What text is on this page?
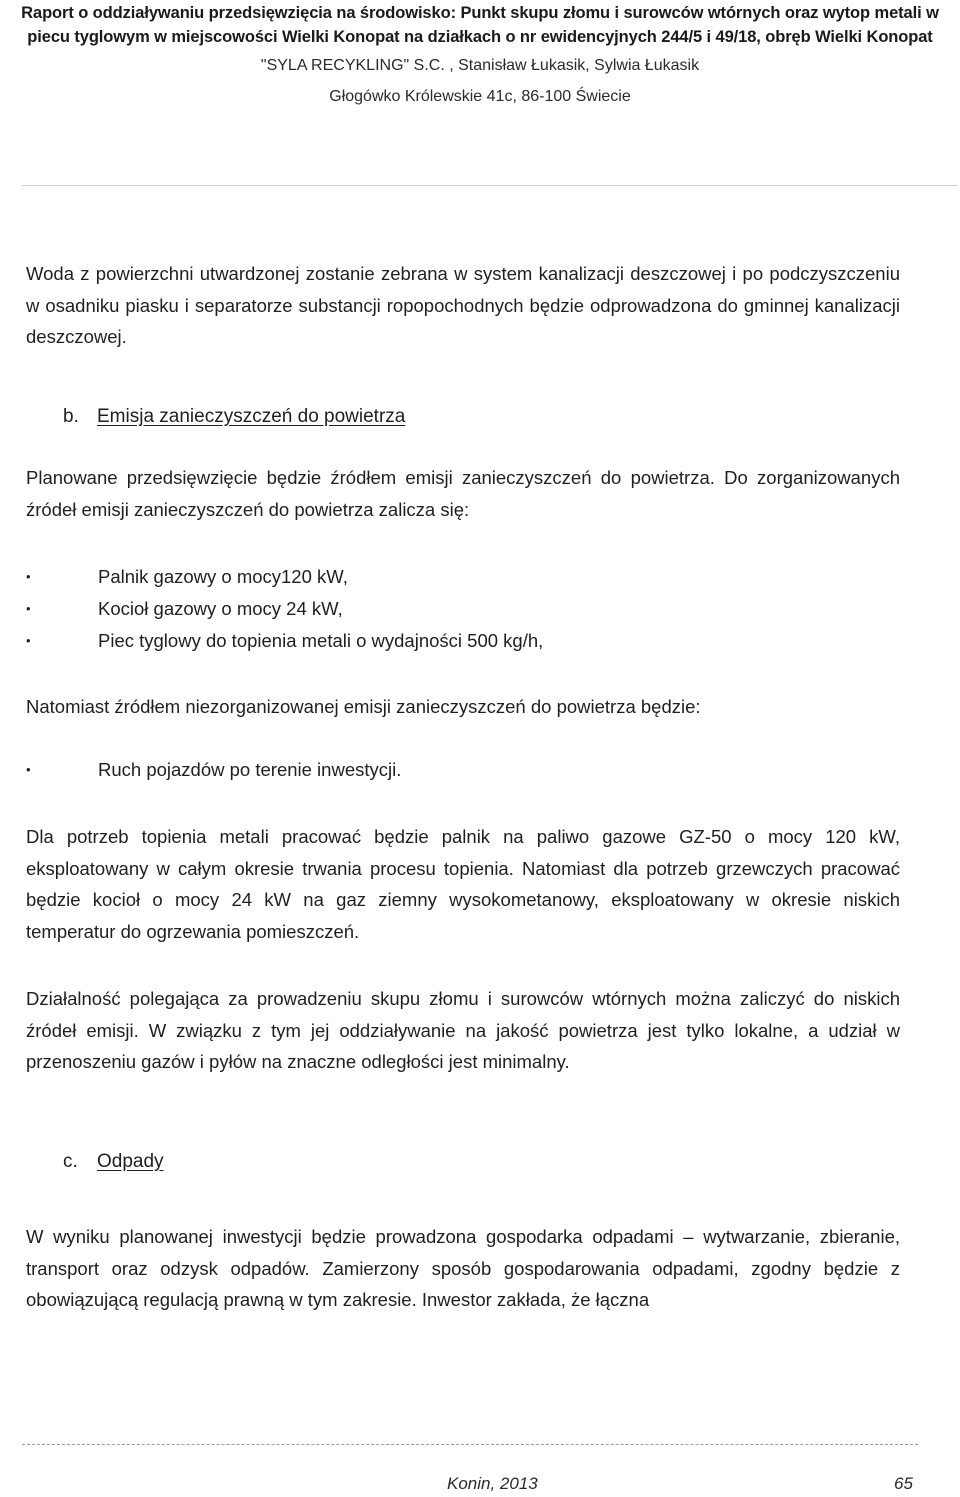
Raport o oddziaływaniu przedsięwzięcia na środowisko: Punkt skupu złomu i surowców wtórnych oraz wytop metali w piecu tyglowym w miejscowości Wielki Konopat na działkach o nr ewidencyjnych 244/5 i 49/18, obręb Wielki Konopat
"SYLA RECYKLING" S.C. , Stanisław Łukasik, Sylwia Łukasik
Głogówko Królewskie 41c, 86-100 Świecie
Woda z powierzchni utwardzonej zostanie zebrana w system kanalizacji deszczowej i po podczyszczeniu w osadniku piasku i separatorze substancji ropopochodnych będzie odprowadzona do gminnej kanalizacji deszczowej.
b. Emisja zanieczyszczeń do powietrza
Planowane przedsięwzięcie będzie źródłem emisji zanieczyszczeń do powietrza. Do zorganizowanych źródeł emisji zanieczyszczeń do powietrza zalicza się:
•	Palnik gazowy o mocy120 kW,
•	Kocioł gazowy o mocy 24 kW,
•	Piec tyglowy do topienia metali o wydajności 500 kg/h,
Natomiast źródłem niezorganizowanej emisji zanieczyszczeń do powietrza będzie:
•	Ruch pojazdów po terenie inwestycji.
Dla potrzeb topienia metali pracować będzie palnik na paliwo gazowe GZ-50 o mocy 120 kW, eksploatowany w całym okresie trwania procesu topienia. Natomiast dla potrzeb grzewczych pracować będzie kocioł o mocy 24 kW na gaz ziemny wysokometanowy, eksploatowany w okresie niskich temperatur do ogrzewania pomieszczeń.
Działalność polegająca za prowadzeniu skupu złomu i surowców wtórnych można zaliczyć do niskich źródeł emisji. W związku z tym jej oddziaływanie na jakość powietrza jest tylko lokalne, a udział w przenoszeniu gazów i pyłów na znaczne odległości jest minimalny.
c. Odpady
W wyniku planowanej inwestycji będzie prowadzona gospodarka odpadami – wytwarzanie, zbieranie, transport oraz odzysk odpadów. Zamierzony sposób gospodarowania odpadami, zgodny będzie z obowiązującą regulacją prawną w tym zakresie. Inwestor zakłada, że łączna
Konin, 2013	65
